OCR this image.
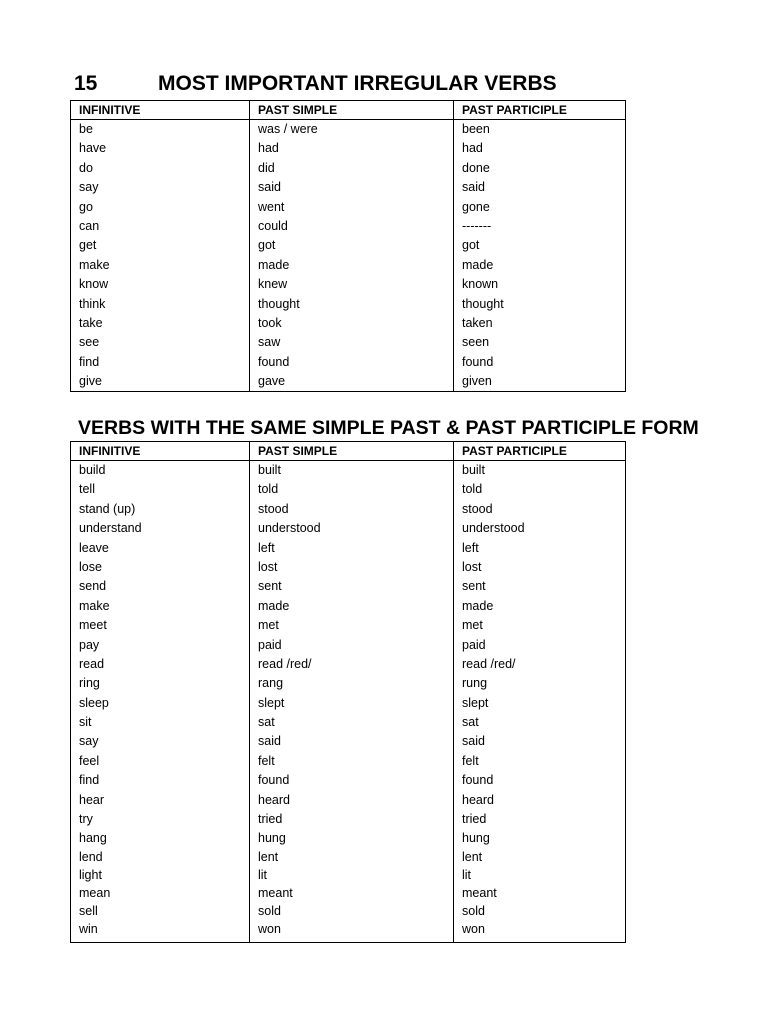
15	MOST IMPORTANT IRREGULAR VERBS
INFINITIVE	PAST SIMPLE	PAST PARTICIPLE
be	was / were	been
have	had	had
do	did	done
say	said	said
go	went	gone
can	could	-------
get	got	got
make	made	made
know	knew	known
think	thought	thought
take	took	taken
see	saw	seen
find	found	found
give	gave	given
VERBS WITH THE SAME SIMPLE PAST & PAST PARTICIPLE FORM
INFINITIVE	PAST SIMPLE	PAST PARTICIPLE
build	built	built
tell	told	told
stand (up)	stood	stood
understand	understood	understood
leave	left	left
lose	lost	lost
send	sent	sent
make	made	made
meet	met	met
pay	paid	paid
read	read /red/	read /red/
ring	rang	rung
sleep	slept	slept
sit	sat	sat
say	said	said
feel	felt	felt
find	found	found
hear	heard	heard
try	tried	tried
hang	hung	hung
lend	lent	lent
light	lit	lit
mean	meant	meant
sell	sold	sold
win	won	won
